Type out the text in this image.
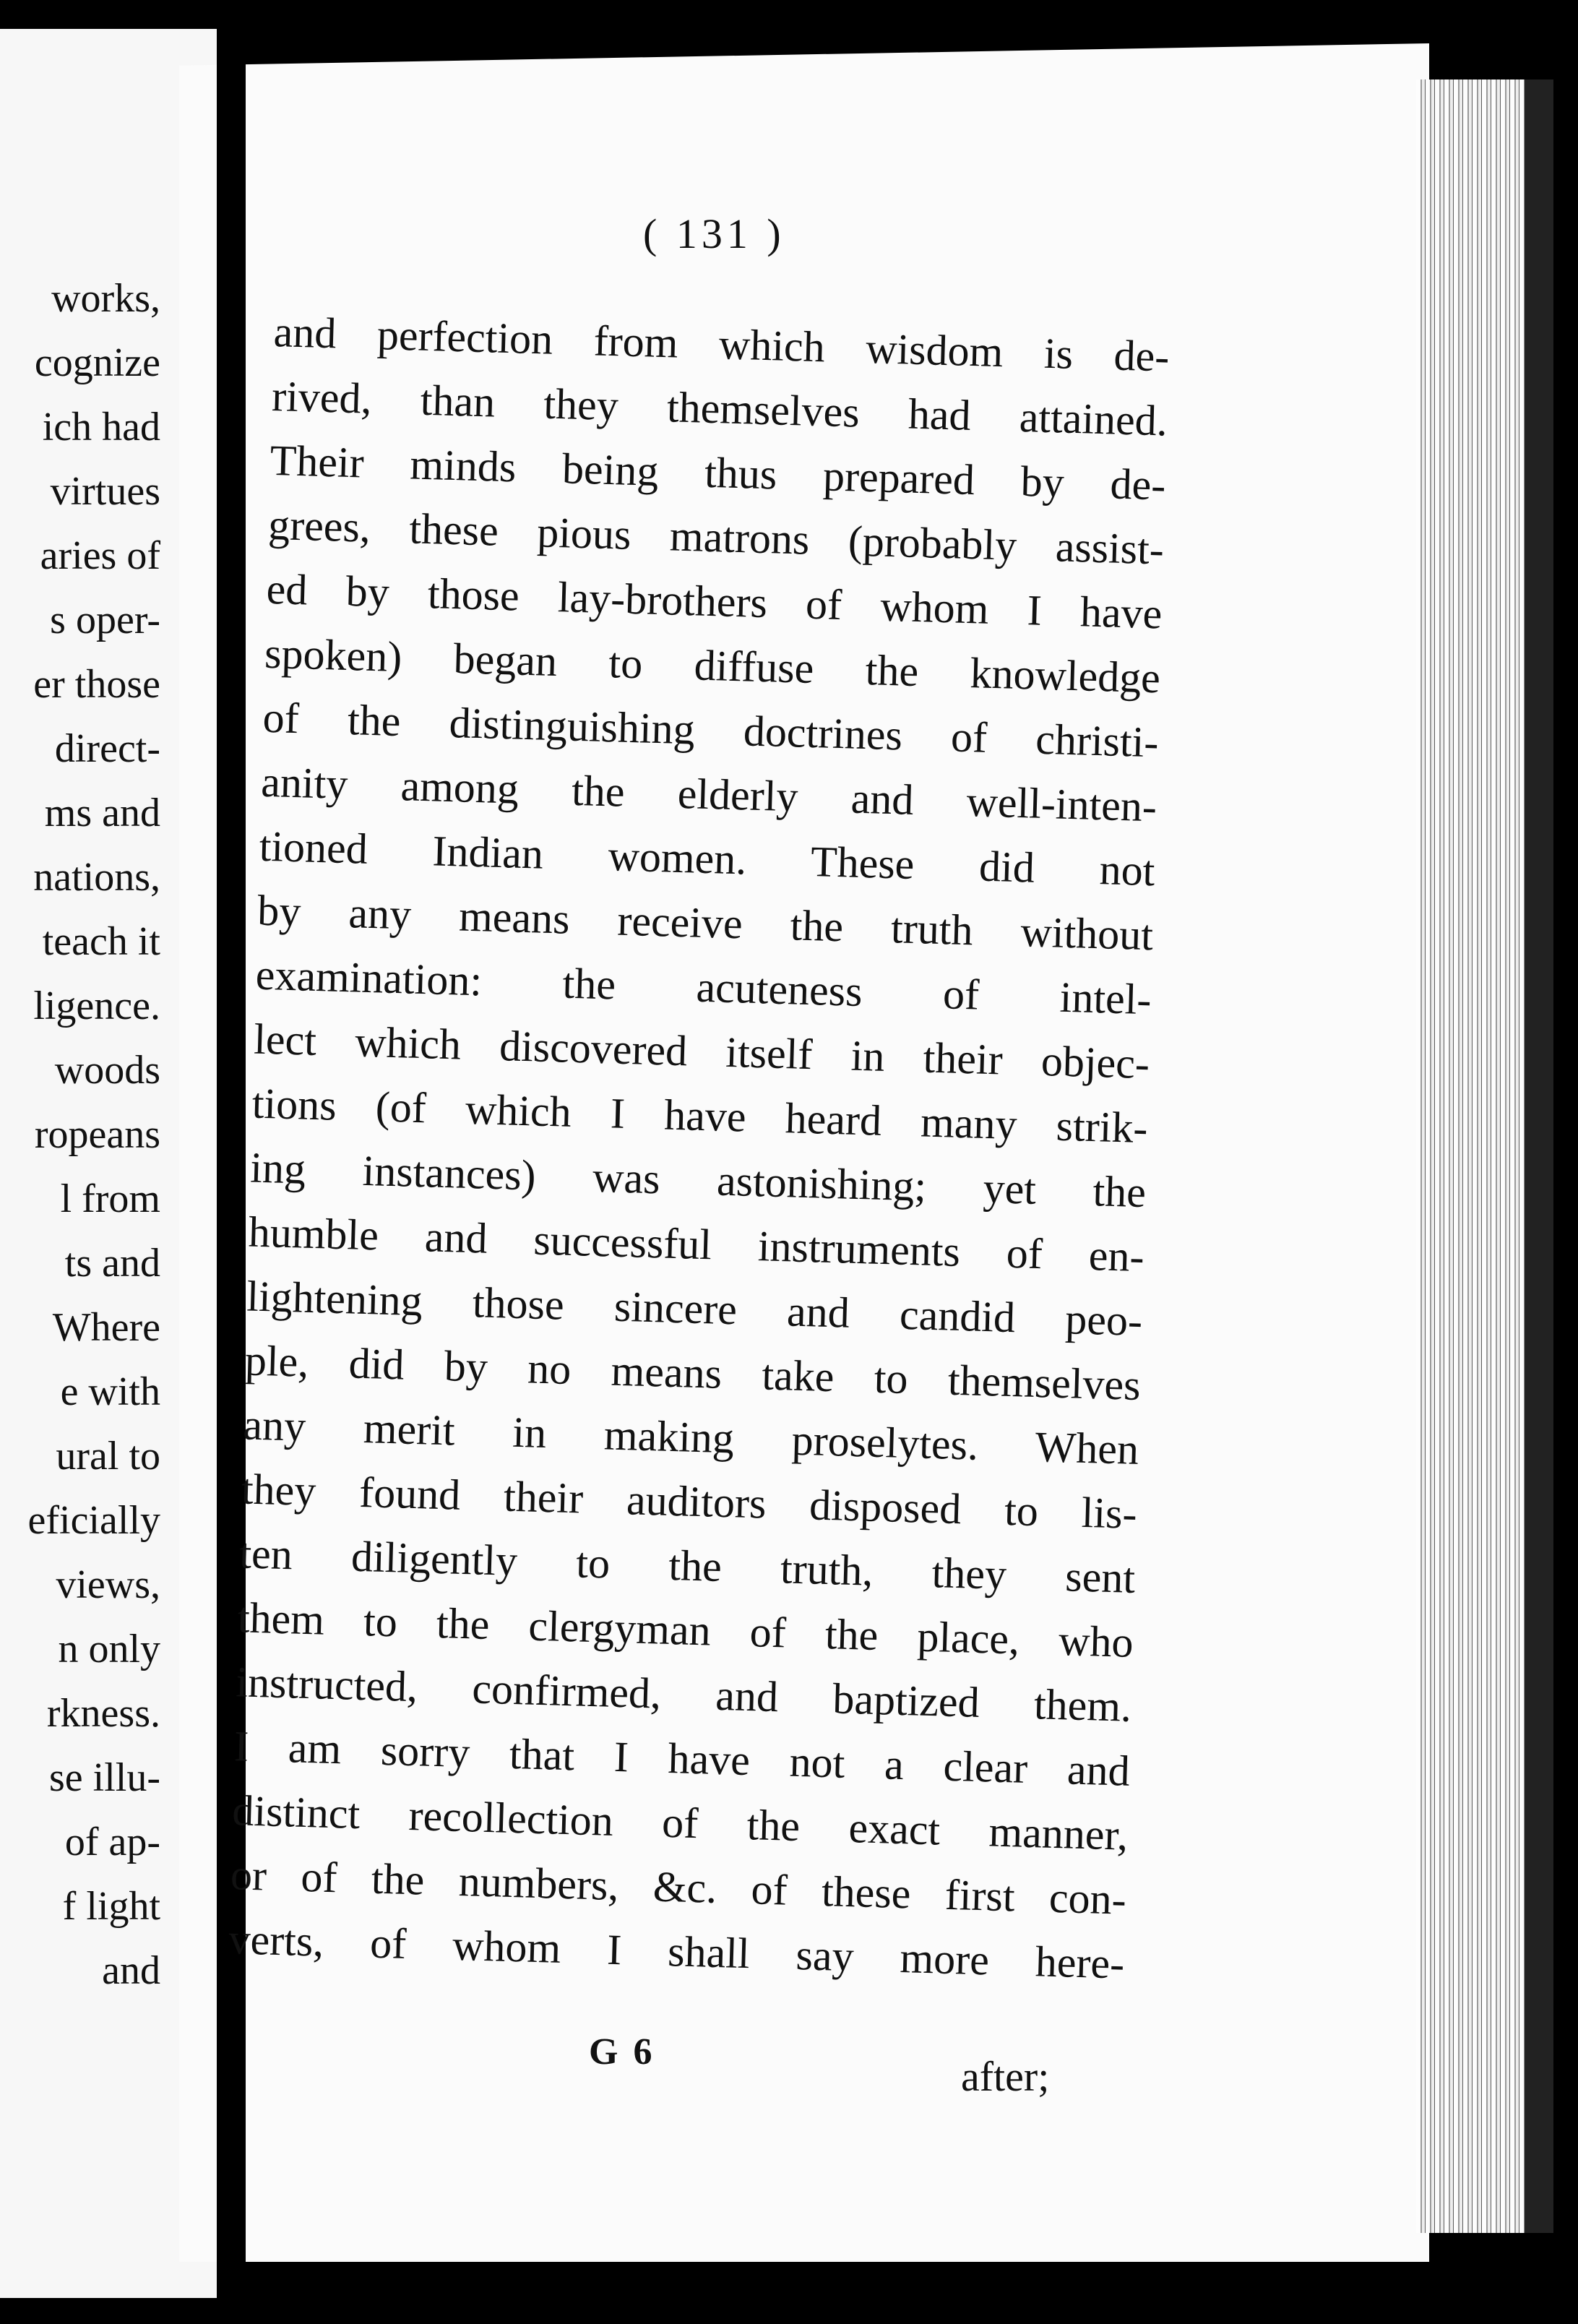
works,
cognize
ich had
virtues
aries of
s oper-
er those
direct-
ms and
nations,
teach it
ligence.
woods
ropeans
l from
ts and
Where
e with
ural to
eficially
views,
n only
rkness.
se illu-
of ap-
f light
and
( 131 )
and perfection from which wisdom is de-
rived, than they themselves had attained.
Their minds being thus prepared by de-
grees, these pious matrons (probably assist-
ed by those lay-brothers of whom I have
spoken) began to diffuse the knowledge
of the distinguishing doctrines of christi-
anity among the elderly and well-inten-
tioned Indian women. These did not
by any means receive the truth without
examination: the acuteness of intel-
lect which discovered itself in their objec-
tions (of which I have heard many strik-
ing instances) was astonishing; yet the
humble and successful instruments of en-
lightening those sincere and candid peo-
ple, did by no means take to themselves
any merit in making proselytes. When
they found their auditors disposed to lis-
ten diligently to the truth, they sent
them to the clergyman of the place, who
instructed, confirmed, and baptized them.
I am sorry that I have not a clear and
distinct recollection of the exact manner,
or of the numbers, &c. of these first con-
verts, of whom I shall say more here-
G 6
after;
